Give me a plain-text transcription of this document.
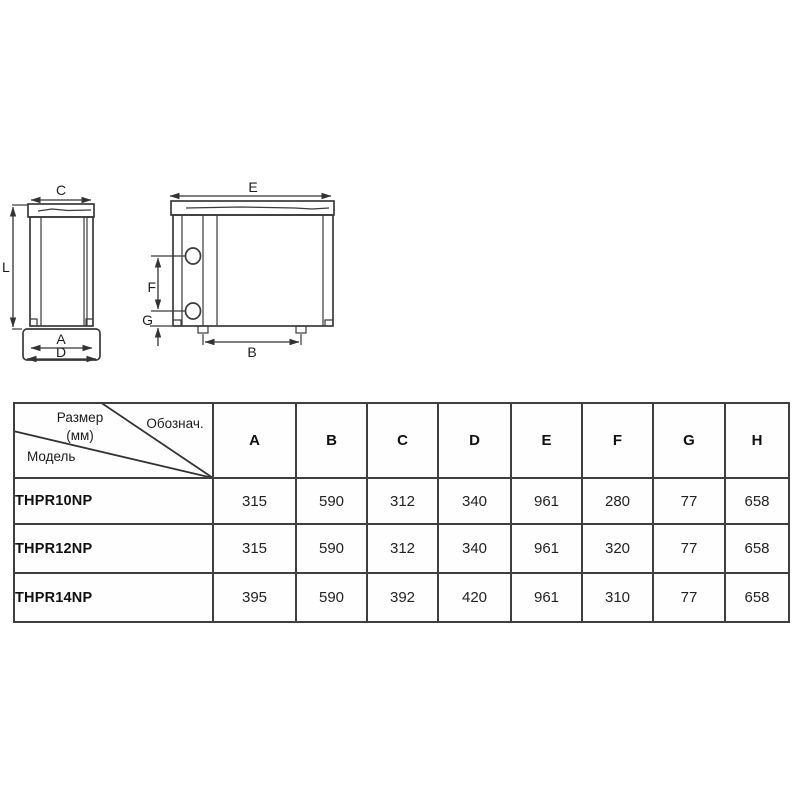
C
L
A
D
E
F
G
B
Размер
(мм)
Обознач.
Модель	A	B	C	D	E	F	G	H
THPR10NP	315	590	312	340	961	280	77	658
THPR12NP	315	590	312	340	961	320	77	658
THPR14NP	395	590	392	420	961	310	77	658
